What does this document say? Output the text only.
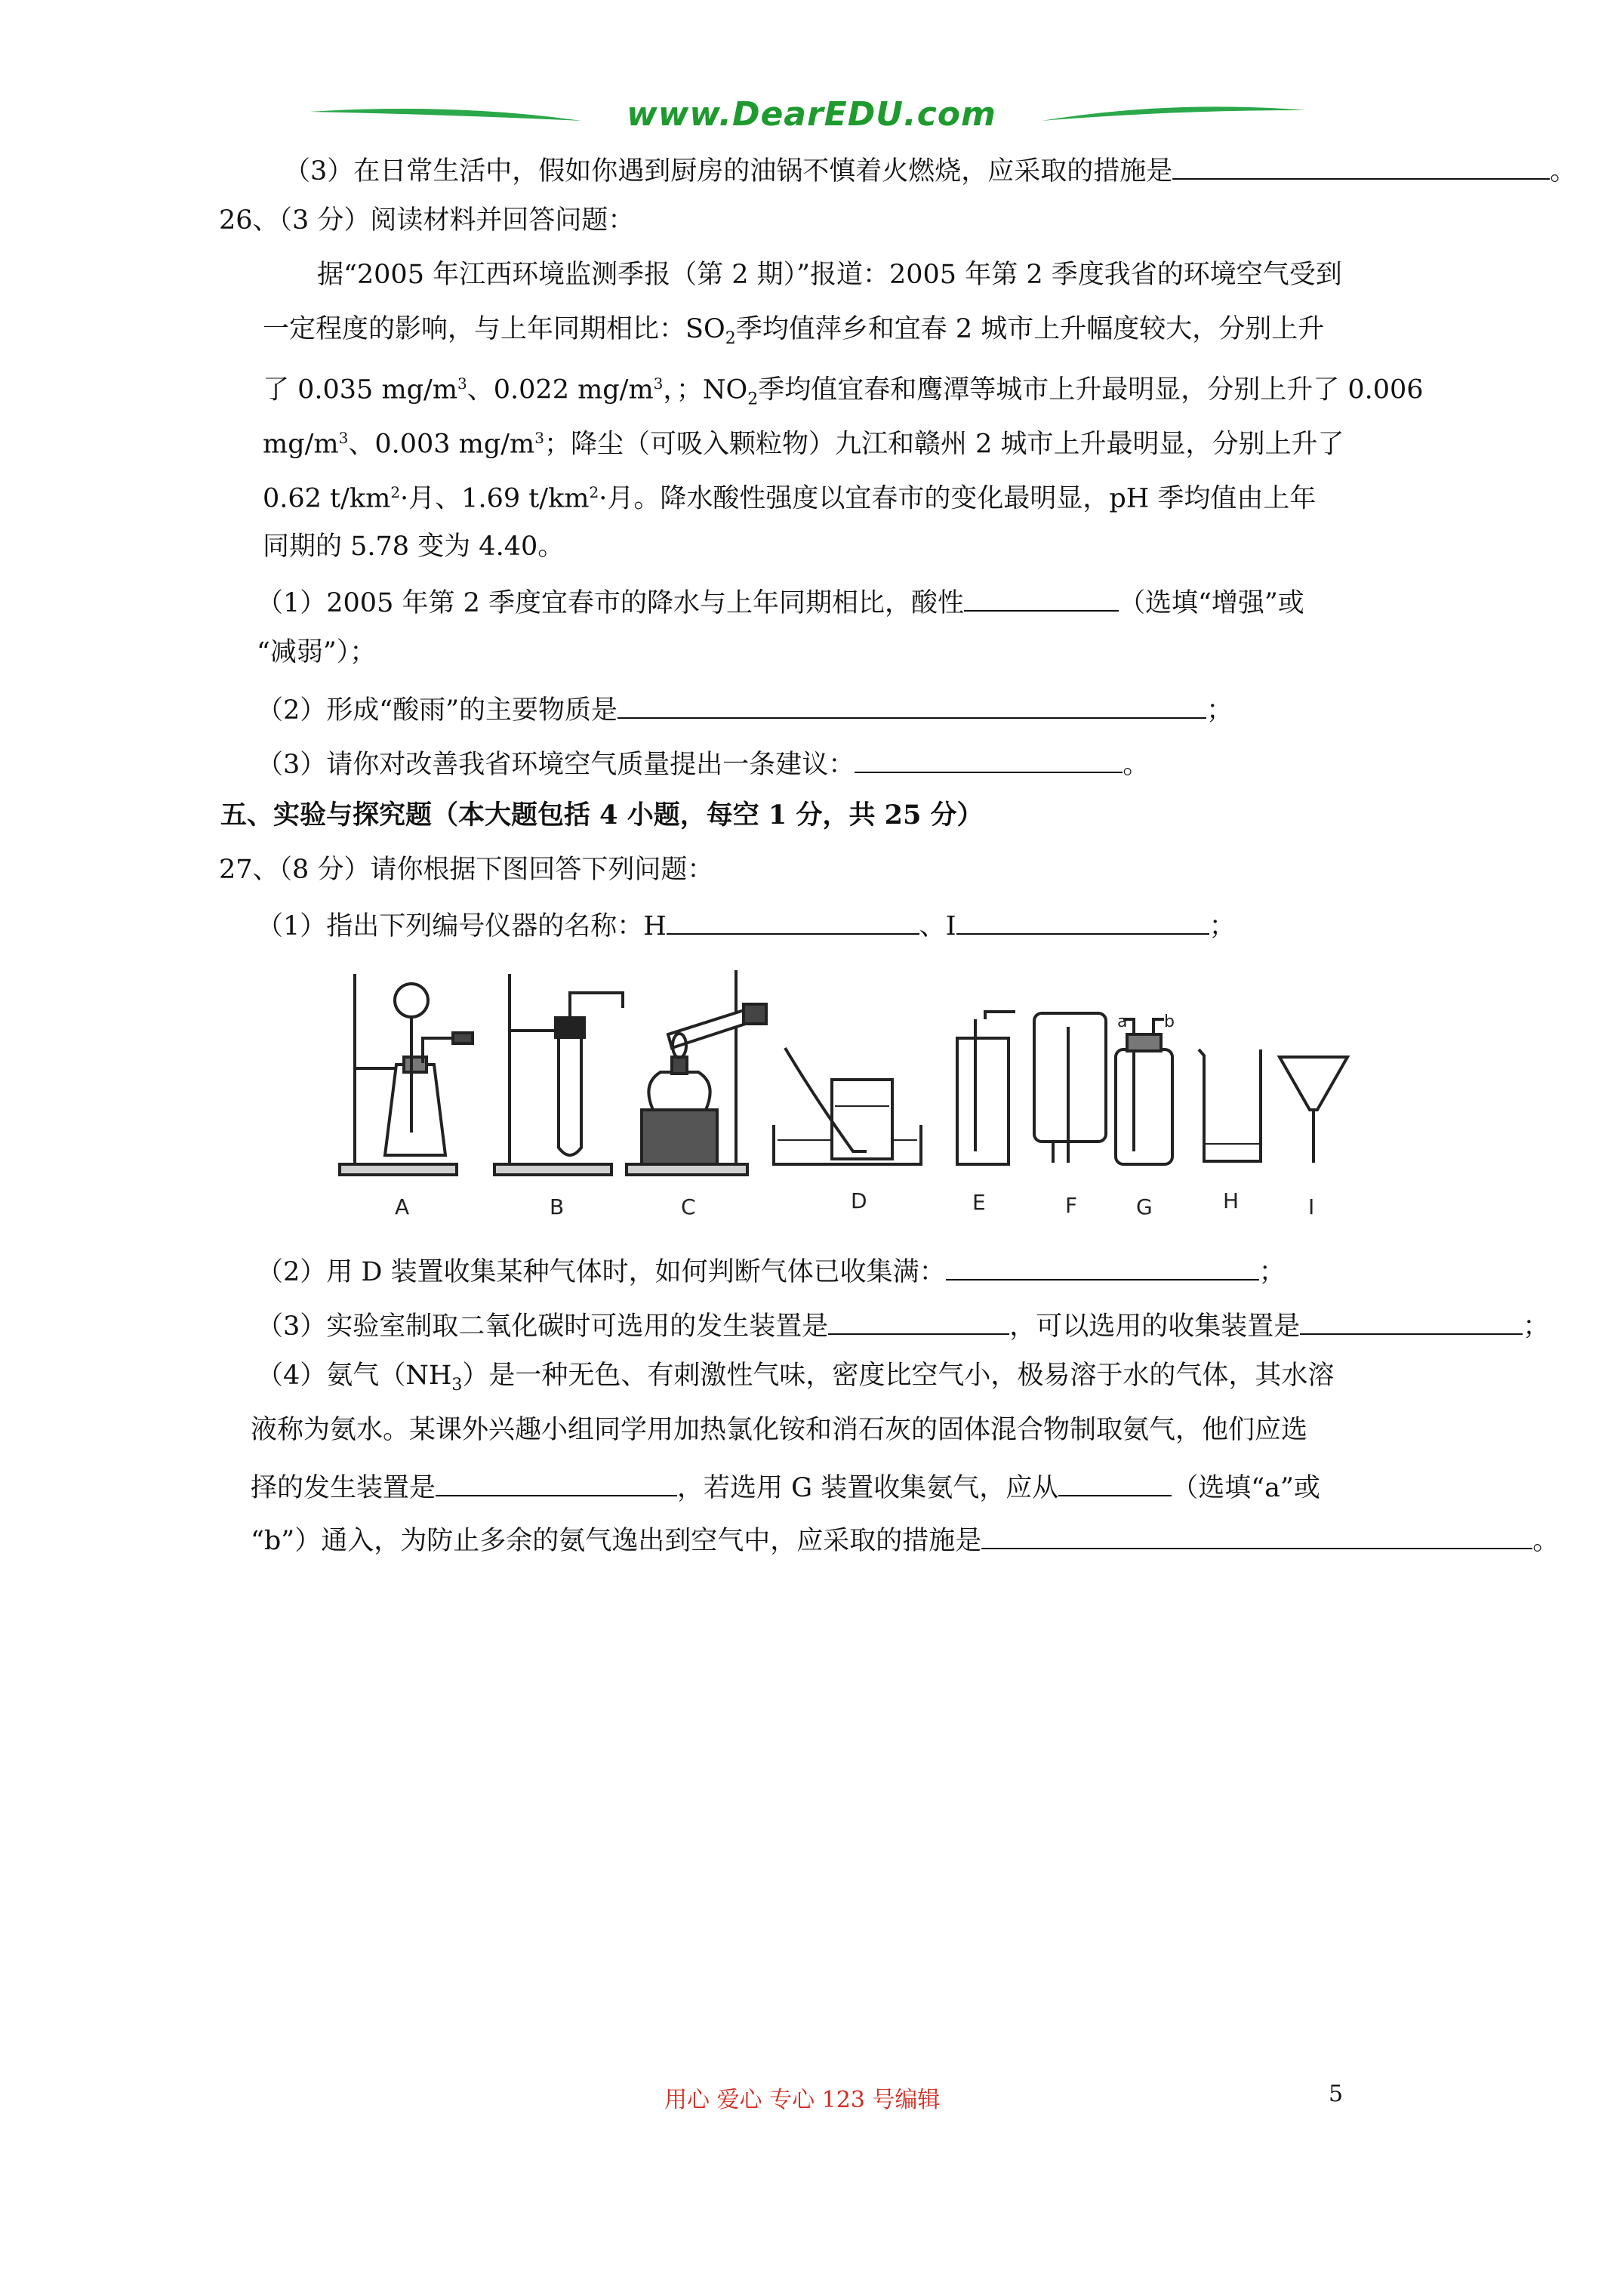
www.DearEDU.com
（3）在日常生活中，假如你遇到厨房的油锅不慎着火燃烧，应采取的措施是	。
26、（3 分）阅读材料并回答问题：
据“2005 年江西环境监测季报（第 2 期）”报道：2005 年第 2 季度我省的环境空气受到
一定程度的影响，与上年同期相比：$SO_2$季均值萍乡和宜春 2 城市上升幅度较大，分别上升
了 0.035 $mg/m^3$、0.022 $mg/m^3$，；$NO_2$季均值宜春和鹰潭等城市上升最明显，分别上升了 0.006
$mg/m^3$、0.003 $mg/m^3$；降尘（可吸入颗粒物）九江和赣州 2 城市上升最明显，分别上升了
0.62 $t/km^2\cdot$月、1.69 $t/km^2\cdot$月。降水酸性强度以宜春市的变化最明显，pH 季均值由上年
同期的 5.78 变为 4.40。
（1）2005 年第 2 季度宜春市的降水与上年同期相比，酸性	（选填“增强”或
“减弱”）；
（2）形成“酸雨”的主要物质是	；
（3）请你对改善我省环境空气质量提出一条建议：	。
五、实验与探究题（本大题包括 4 小题，每空 1 分，共 25 分）
27、（8 分）请你根据下图回答下列问题：
（1）指出下列编号仪器的名称：H	、I	；
a b
A	B	C	D	E	F	G	H	I
（2）用 D 装置收集某种气体时，如何判断气体已收集满：	；
（3）实验室制取二氧化碳时可选用的发生装置是	，可以选用的收集装置是	；
（4）氨气$(NH_3)$是一种无色、有刺激性气味，密度比空气小，极易溶于水的气体，其水溶
液称为氨水。某课外兴趣小组同学用加热氯化铵和消石灰的固体混合物制取氨气，他们应选
择的发生装置是	，若选用 G 装置收集氨气，应从	（选填“a”或
“b”）通入，为防止多余的氨气逸出到空气中，应采取的措施是	。
用心 爱心 专心 123 号编辑	5
